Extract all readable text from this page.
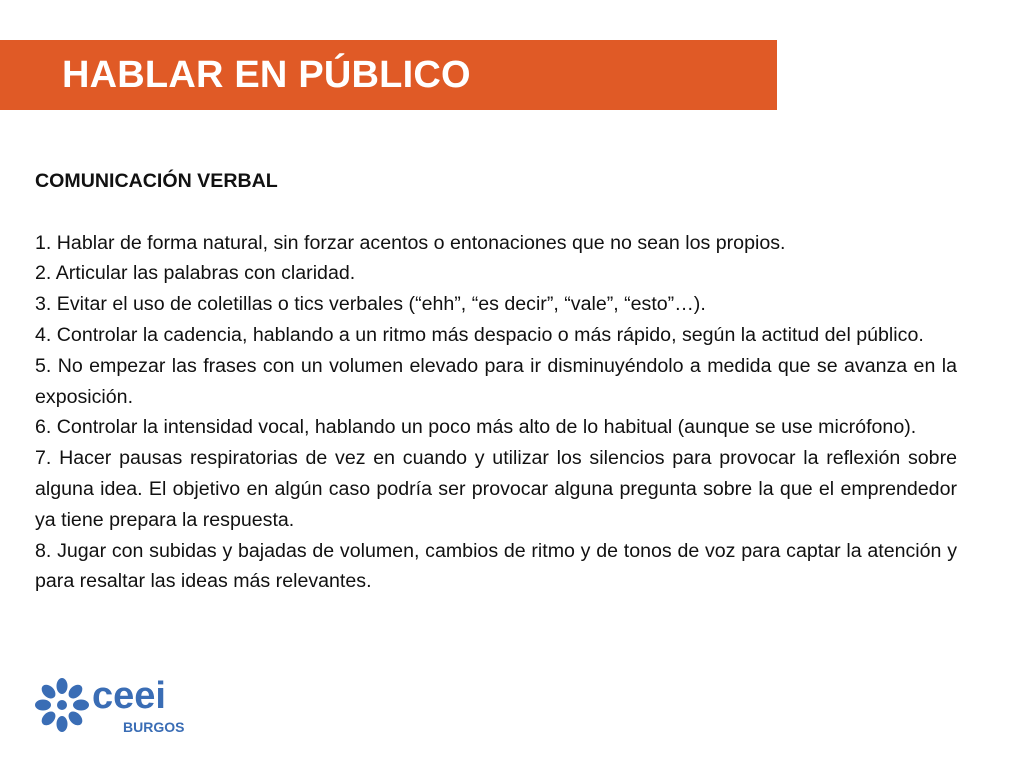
HABLAR EN PÚBLICO

COMUNICACIÓN VERBAL

1. Hablar de forma natural, sin forzar acentos o entonaciones que no sean los propios.
2. Articular las palabras con claridad.
3. Evitar el uso de coletillas o tics verbales (“ehh”, “es decir”, “vale”, “esto”…).
4. Controlar la cadencia, hablando a un ritmo más despacio o más rápido, según la actitud del público.
5. No empezar las frases con un volumen elevado para ir disminuyéndolo a medida que se avanza en la exposición.
6. Controlar la intensidad vocal, hablando un poco más alto de lo habitual (aunque se use micrófono).
7. Hacer pausas respiratorias de vez en cuando y utilizar los silencios para provocar la reflexión sobre alguna idea. El objetivo en algún caso podría ser provocar alguna pregunta sobre la que el emprendedor ya tiene prepara la respuesta.
8. Jugar con subidas y bajadas de volumen, cambios de ritmo y de tonos de voz para captar la atención y para resaltar las ideas más relevantes.
ceei
BURGOS
